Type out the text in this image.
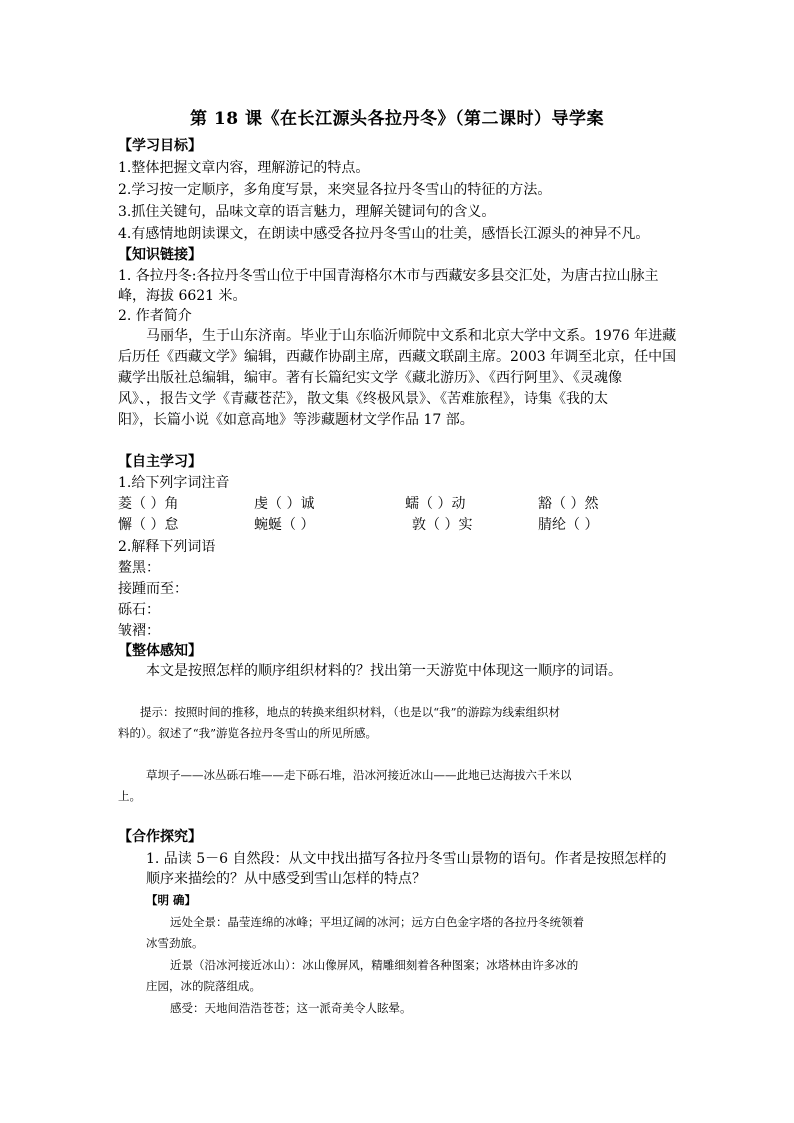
第 18 课《在长江源头各拉丹冬》（第二课时）导学案
【学习目标】
1.整体把握文章内容，理解游记的特点。
2.学习按一定顺序，多角度写景，来突显各拉丹冬雪山的特征的方法。
3.抓住关键句，品味文章的语言魅力，理解关键词句的含义。
4.有感情地朗读课文，在朗读中感受各拉丹冬雪山的壮美，感悟长江源头的神异不凡。
【知识链接】
1. 各拉丹冬:各拉丹冬雪山位于中国青海格尔木市与西藏安多县交汇处，为唐古拉山脉主
峰，海拔 6621 米。
2. 作者简介
马丽华，生于山东济南。毕业于山东临沂师院中文系和北京大学中文系。1976 年进藏
后历任《西藏文学》编辑，西藏作协副主席，西藏文联副主席。2003 年调至北京，任中国
藏学出版社总编辑，编审。著有长篇纪实文学《藏北游历》、《西行阿里》、《灵魂像
风》、，报告文学《青藏苍茫》，散文集《终极风景》、《苦难旅程》，诗集《我的太
阳》，长篇小说《如意高地》等涉藏题材文学作品 17 部。
【自主学习】
1.给下列字词注音
菱（ ）角	虔（ ）诚	蠕（ ）动	豁（ ）然
懈（ ）怠	蜿蜒（ ）	敦（ ）实	腈纶（ ）
2.解释下列词语
鳌黑：
接踵而至：
砾石：
皱褶：
【整体感知】
本文是按照怎样的顺序组织材料的？找出第一天游览中体现这一顺序的词语。
提示：按照时间的推移，地点的转换来组织材料，（也是以“我”的游踪为线索组织材
料的）。叙述了“我”游览各拉丹冬雪山的所见所感。
草坝子——冰丛砾石堆——走下砾石堆，沿冰河接近冰山——此地已达海拔六千米以
上。
【合作探究】
1. 品读 5－6 自然段：从文中找出描写各拉丹冬雪山景物的语句。作者是按照怎样的
顺序来描绘的？从中感受到雪山怎样的特点？
【明 确】
远处全景：晶莹连绵的冰峰；平坦辽阔的冰河；远方白色金字塔的各拉丹冬统领着
冰雪劲旅。
近景（沿冰河接近冰山）：冰山像屏风，精雕细刻着各种图案；冰塔林由许多冰的
庄园，冰的院落组成。
感受：天地间浩浩苍苍；这一派奇美令人眩晕。
